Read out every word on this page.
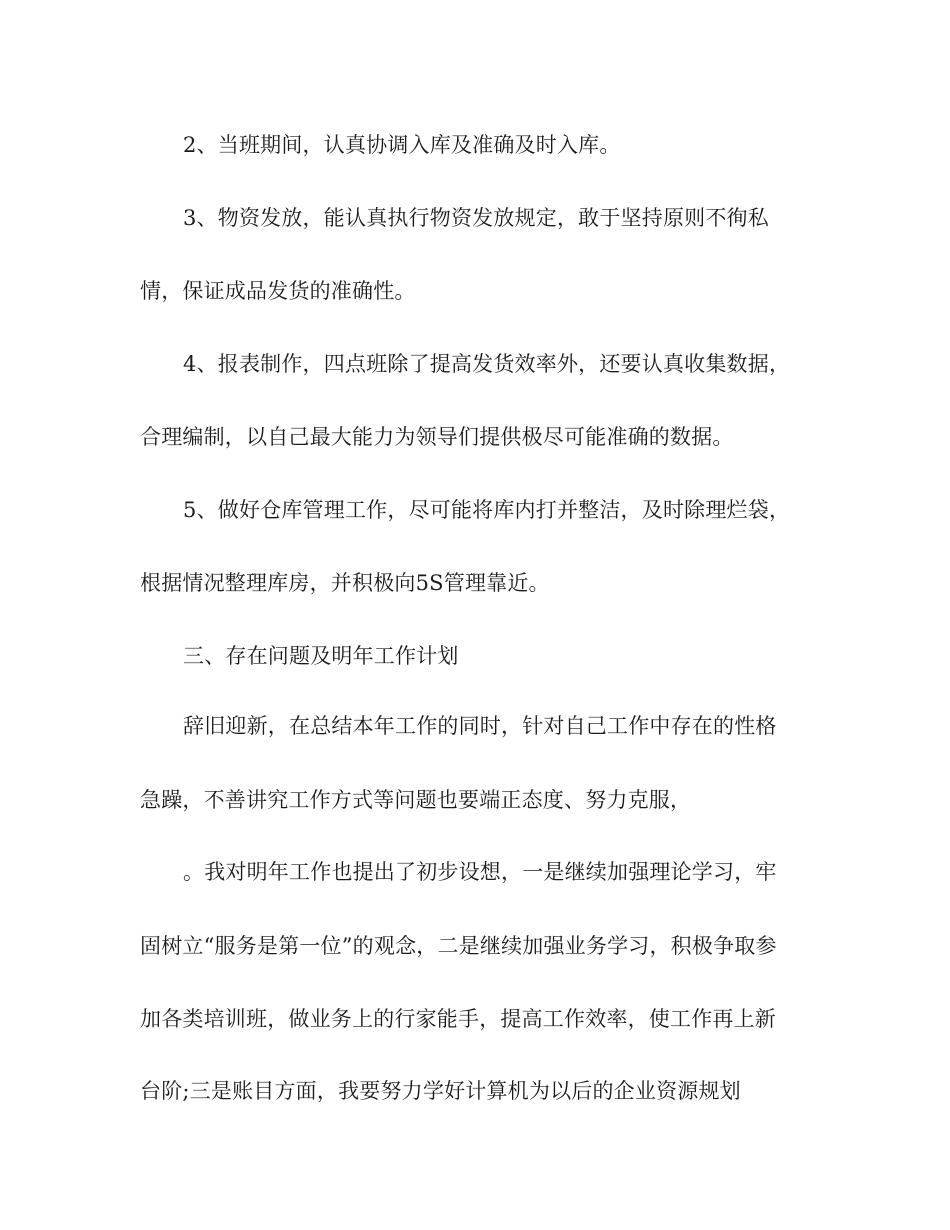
2、当班期间，认真协调入库及准确及时入库。
3、物资发放，能认真执行物资发放规定，敢于坚持原则不徇私
情，保证成品发货的准确性。
4、报表制作，四点班除了提高发货效率外，还要认真收集数据，
合理编制，以自己最大能力为领导们提供极尽可能准确的数据。
5、做好仓库管理工作，尽可能将库内打并整洁，及时除理烂袋，
根据情况整理库房，并积极向5S管理靠近。
三、存在问题及明年工作计划
辞旧迎新，在总结本年工作的同时，针对自己工作中存在的性格
急躁，不善讲究工作方式等问题也要端正态度、努力克服，
。我对明年工作也提出了初步设想，一是继续加强理论学习，牢
固树立“服务是第一位”的观念，二是继续加强业务学习，积极争取参
加各类培训班，做业务上的行家能手，提高工作效率，使工作再上新
台阶;三是账目方面，我要努力学好计算机为以后的企业资源规划
